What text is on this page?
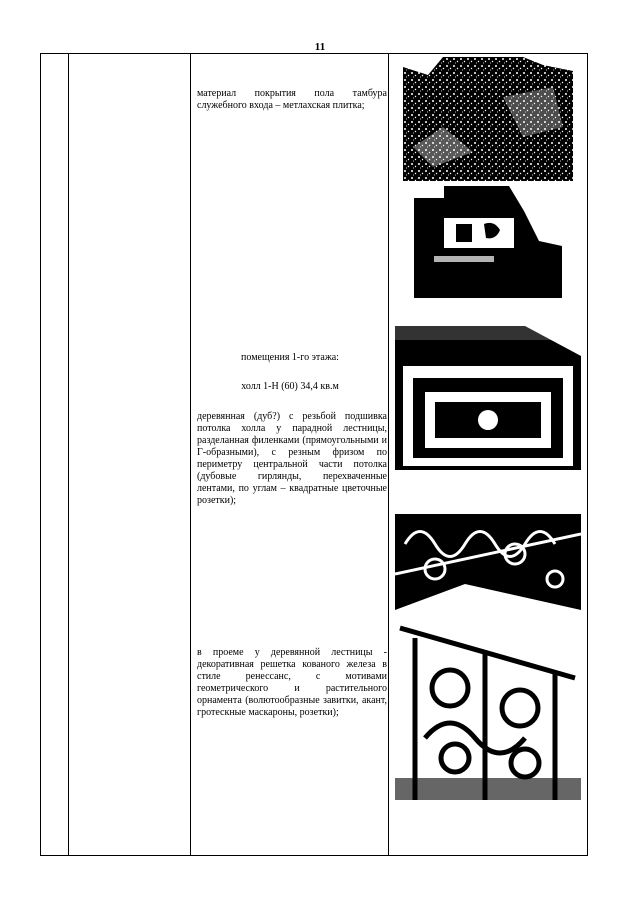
11
материал покрытия пола тамбура служебного входа – метлахская плитка;
помещения 1-го этажа:
холл 1-Н (60) 34,4 кв.м
деревянная (дуб?) с резьбой подшивка потолка холла у парадной лестницы, разделанная филенками (прямоугольными и Г-образными), с резным фризом по периметру центральной части потолка (дубовые гирлянды, перехваченные лентами, по углам – квадратные цветочные розетки);
в проеме у деревянной лестницы - декоративная решетка кованого железа в стиле ренессанс, с мотивами геометрического и растительного орнамента (волютообразные завитки, акант, гротескные маскароны, розетки);
